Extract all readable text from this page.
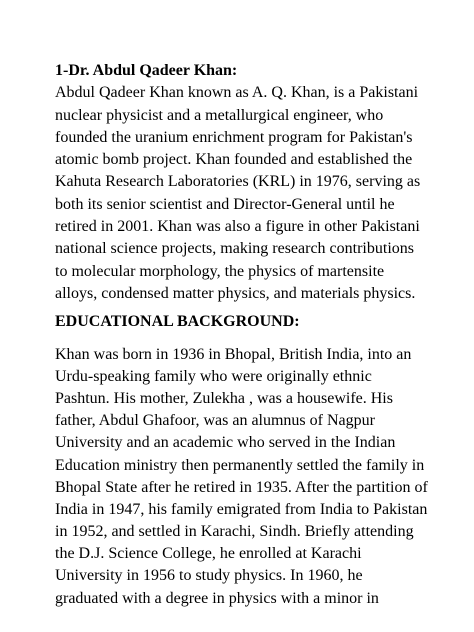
1-Dr. Abdul Qadeer Khan:
Abdul Qadeer Khan known as A. Q. Khan, is a Pakistani
nuclear physicist and a metallurgical engineer, who
founded the uranium enrichment program for Pakistan's
atomic bomb project. Khan founded and established the
Kahuta Research Laboratories (KRL) in 1976, serving as
both its senior scientist and Director-General until he
retired in 2001. Khan was also a figure in other Pakistani
national science projects, making research contributions
to molecular morphology, the physics of martensite
alloys, condensed matter physics, and materials physics.
EDUCATIONAL BACKGROUND:
Khan was born in 1936 in Bhopal, British India, into an
Urdu-speaking family who were originally ethnic
Pashtun. His mother, Zulekha , was a housewife. His
father, Abdul Ghafoor, was an alumnus of Nagpur
University and an academic who served in the Indian
Education ministry then permanently settled the family in
Bhopal State after he retired in 1935. After the partition of
India in 1947, his family emigrated from India to Pakistan
in 1952, and settled in Karachi, Sindh. Briefly attending
the D.J. Science College, he enrolled at Karachi
University in 1956 to study physics. In 1960, he
graduated with a degree in physics with a minor in
